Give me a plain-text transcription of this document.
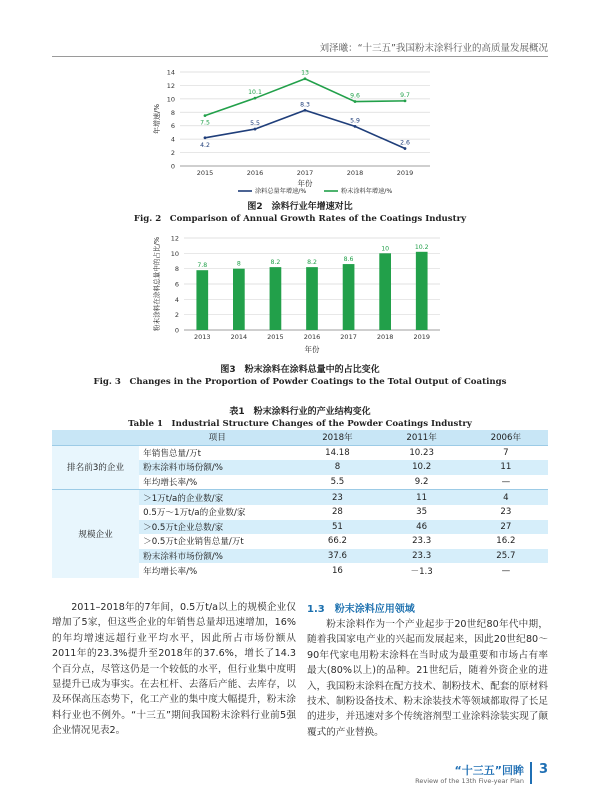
刘泽曦：“十三五”我国粉末涂料行业的高质量发展概况
0
2
4
6
8
10
12
14
2015	2016	2017	2018	2019
年份
年增速/%
4.2
5.5
8.3
5.9
2.6
7.5
10.1
13
9.6	9.7
涂料总量年增速/%	粉末涂料年增速/%
图2　涂料行业年增速对比
Fig. 2　Comparison of Annual Growth Rates of the Coatings Industry
0
2
4
6
8
10
12
7.8
2013
8
2014
8.2
2015
8.2
2016
8.6
2017
10
2018
10.2
2019
年份
粉末涂料在涂料总量中的占比/%
图3　粉末涂料在涂料总量中的占比变化
Fig. 3　Changes in the Proportion of Powder Coatings to the Total Output of Coatings
表1　粉末涂料行业的产业结构变化
Table 1　Industrial Structure Changes of the Powder Coatings Industry
	项目	2018年	2011年	2006年
排名前3的企业	年销售总量/万t	14.18	10.23	7
	粉末涂料市场份额/%	8	10.2	11
	年均增长率/%	5.5	9.2	—
规模企业	＞1万t/a的企业数/家	23	11	4
	0.5万～1万t/a的企业数/家	28	35	23
	＞0.5万t企业总数/家	51	46	27
	＞0.5万t企业销售总量/万t	66.2	23.3	16.2
	粉末涂料市场份额/%	37.6	23.3	25.7
	年均增长率/%	16	－1.3	—
2011–2018年的7年间，0.5万t/a以上的规模企业仅增加了5家，但这些企业的年销售总量却迅速增加，16%的年均增速远超行业平均水平，因此所占市场份额从2011年的23.3%提升至2018年的37.6%，增长了14.3个百分点，尽管这仍是一个较低的水平，但行业集中度明显提升已成为事实。在去杠杆、去落后产能、去库存，以及环保高压态势下，化工产业的集中度大幅提升，粉末涂料行业也不例外。“十三五”期间我国粉末涂料行业前5强企业情况见表2。
1.3　粉末涂料应用领域
粉末涂料作为一个产业起步于20世纪80年代中期，随着我国家电产业的兴起而发展起来，因此20世纪80～90年代家电用粉末涂料在当时成为最重要和市场占有率最大(80%以上)的品种。21世纪后，随着外资企业的进入，我国粉末涂料在配方技术、制粉技术、配套的原材料技术、制粉设备技术、粉末涂装技术等领域都取得了长足的进步，并迅速对多个传统溶剂型工业涂料涂装实现了颠覆式的产业替换。
“十三五”回眸
Review of the 13th Five-year Plan
3
